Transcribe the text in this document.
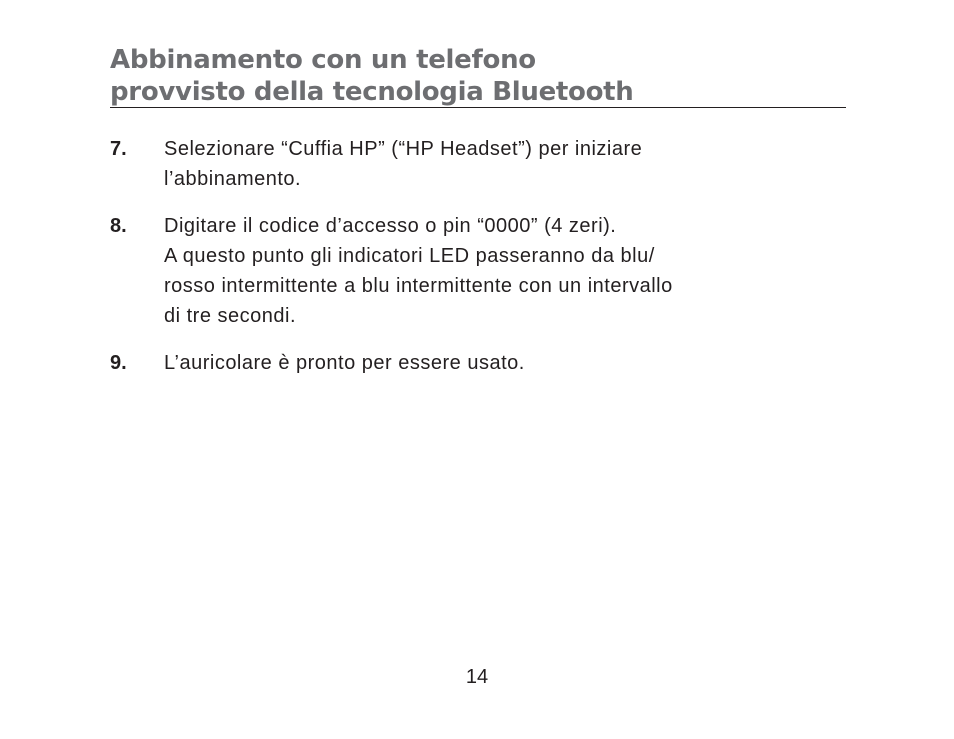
Abbinamento con un telefono
provvisto della tecnologia Bluetooth
7. Selezionare “Cuffia HP” (“HP Headset”) per iniziare
l’abbinamento.
8. Digitare il codice d’accesso o pin “0000” (4 zeri).
A questo punto gli indicatori LED passeranno da blu/
rosso intermittente a blu intermittente con un intervallo
di tre secondi.
9. L’auricolare è pronto per essere usato.
14
